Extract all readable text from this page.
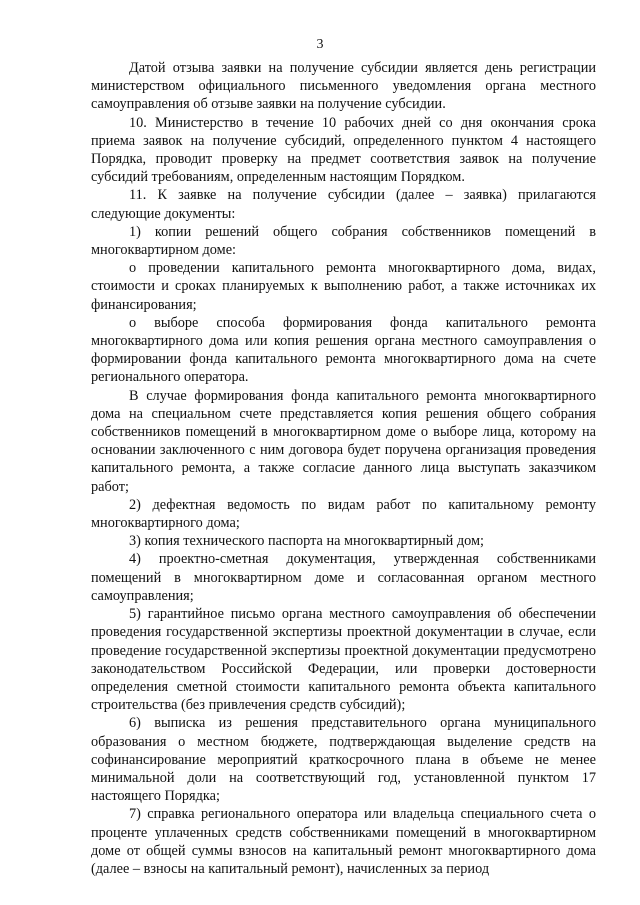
3

Датой отзыва заявки на получение субсидии является день регистрации министерством официального письменного уведомления органа местного самоуправления об отзыве заявки на получение субсидии.

10. Министерство в течение 10 рабочих дней со дня окончания срока приема заявок на получение субсидий, определенного пунктом 4 настоящего Порядка, проводит проверку на предмет соответствия заявок на получение субсидий требованиям, определенным настоящим Порядком.

11. К заявке на получение субсидии (далее – заявка) прилагаются следующие документы:

1) копии решений общего собрания собственников помещений в многоквартирном доме:

о проведении капитального ремонта многоквартирного дома, видах, стоимости и сроках планируемых к выполнению работ, а также источниках их финансирования;

о выборе способа формирования фонда капитального ремонта многоквартирного дома или копия решения органа местного самоуправления о формировании фонда капитального ремонта многоквартирного дома на счете регионального оператора.

В случае формирования фонда капитального ремонта многоквартирного дома на специальном счете представляется копия решения общего собрания собственников помещений в многоквартирном доме о выборе лица, которому на основании заключенного с ним договора будет поручена организация проведения капитального ремонта, а также согласие данного лица выступать заказчиком работ;

2) дефектная ведомость по видам работ по капитальному ремонту многоквартирного дома;

3) копия технического паспорта на многоквартирный дом;

4) проектно-сметная документация, утвержденная собственниками помещений в многоквартирном доме и согласованная органом местного самоуправления;

5) гарантийное письмо органа местного самоуправления об обеспечении проведения государственной экспертизы проектной документации в случае, если проведение государственной экспертизы проектной документации предусмотрено законодательством Российской Федерации, или проверки достоверности определения сметной стоимости капитального ремонта объекта капитального строительства (без привлечения средств субсидий);

6) выписка из решения представительного органа муниципального образования о местном бюджете, подтверждающая выделение средств на софинансирование мероприятий краткосрочного плана в объеме не менее минимальной доли на соответствующий год, установленной пунктом 17 настоящего Порядка;

7) справка регионального оператора или владельца специального счета о проценте уплаченных средств собственниками помещений в многоквартирном доме от общей суммы взносов на капитальный ремонт многоквартирного дома (далее – взносы на капитальный ремонт), начисленных за период
